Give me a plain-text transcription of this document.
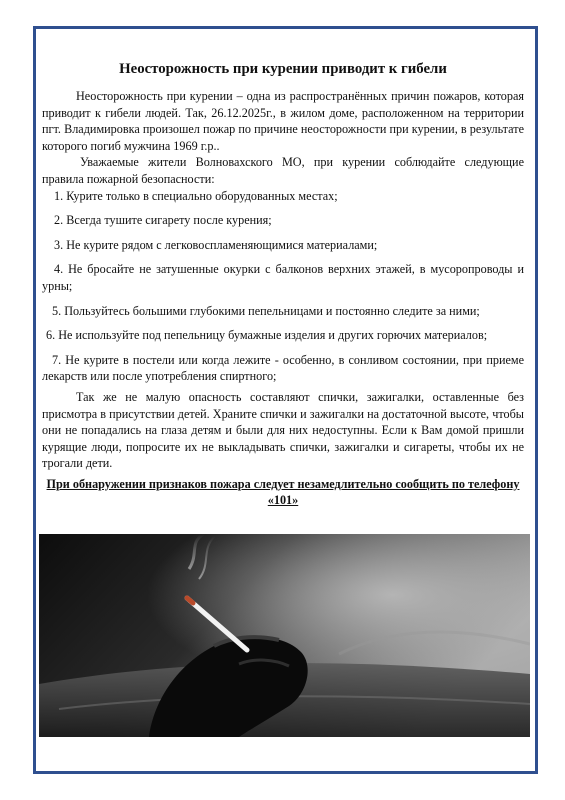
Неосторожность при курении приводит к гибели

Неосторожность при курении – одна из распространённых причин пожаров, которая приводит к гибели людей. Так, 26.12.2025г., в жилом доме, расположенном на территории пгт. Владимировка произошел пожар по причине неосторожности при курении, в результате которого погиб мужчина 1969 г.р..

Уважаемые жители Волновахского МО, при курении соблюдайте следующие правила пожарной безопасности:

1. Курите только в специально оборудованных местах;

2. Всегда тушите сигарету после курения;

3. Не курите рядом с легковоспламеняющимися материалами;

4. Не бросайте не затушенные окурки с балконов верхних этажей, в мусоропроводы и урны;

5. Пользуйтесь большими глубокими пепельницами и постоянно следите за ними;

6. Не используйте под пепельницу бумажные изделия и других горючих материалов;

7. Не курите в постели или когда лежите - особенно, в сонливом состоянии, при приеме лекарств или после употребления спиртного;

Так же не малую опасность составляют спички, зажигалки, оставленные без присмотра в присутствии детей. Храните спички и зажигалки на достаточной высоте, чтобы они не попадались на глаза детям и были для них недоступны. Если к Вам домой пришли курящие люди, попросите их не выкладывать спички, зажигалки и сигареты, чтобы их не трогали дети.

При обнаружении признаков пожара следует незамедлительно сообщить по телефону «101»
